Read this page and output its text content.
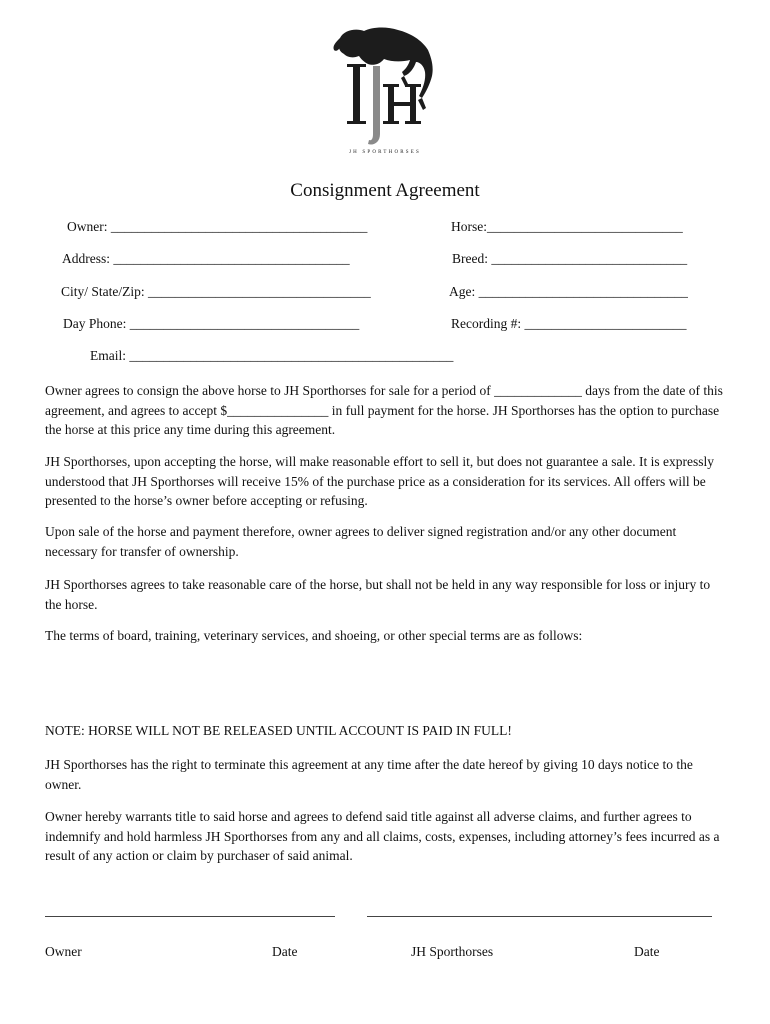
JH SPORTHORSES
Consignment Agreement
Owner: ______________________________________	Horse:_____________________________
Address: ___________________________________	Breed: _____________________________
City/ State/Zip: _________________________________	Age: _______________________________
Day Phone: __________________________________	Recording #: ________________________
Email: ________________________________________________
Owner agrees to consign the above horse to JH Sporthorses for sale for a period of _____________ days from the date of this agreement, and agrees to accept $_______________ in full payment for the horse. JH Sporthorses has the option to purchase the horse at this price any time during this agreement.
JH Sporthorses, upon accepting the horse, will make reasonable effort to sell it, but does not guarantee a sale. It is expressly understood that JH Sporthorses will receive 15% of the purchase price as a consideration for its services. All offers will be presented to the horse’s owner before accepting or refusing.
Upon sale of the horse and payment therefore, owner agrees to deliver signed registration and/or any other document necessary for transfer of ownership.
JH Sporthorses agrees to take reasonable care of the horse, but shall not be held in any way responsible for loss or injury to the horse.
The terms of board, training, veterinary services, and shoeing, or other special terms are as follows:
NOTE: HORSE WILL NOT BE RELEASED UNTIL ACCOUNT IS PAID IN FULL!
JH Sporthorses has the right to terminate this agreement at any time after the date hereof by giving 10 days notice to the owner.
Owner hereby warrants title to said horse and agrees to defend said title against all adverse claims, and further agrees to indemnify and hold harmless JH Sporthorses from any and all claims, costs, expenses, including attorney’s fees incurred as a result of any action or claim by purchaser of said animal.
Owner	Date	JH Sporthorses	Date
